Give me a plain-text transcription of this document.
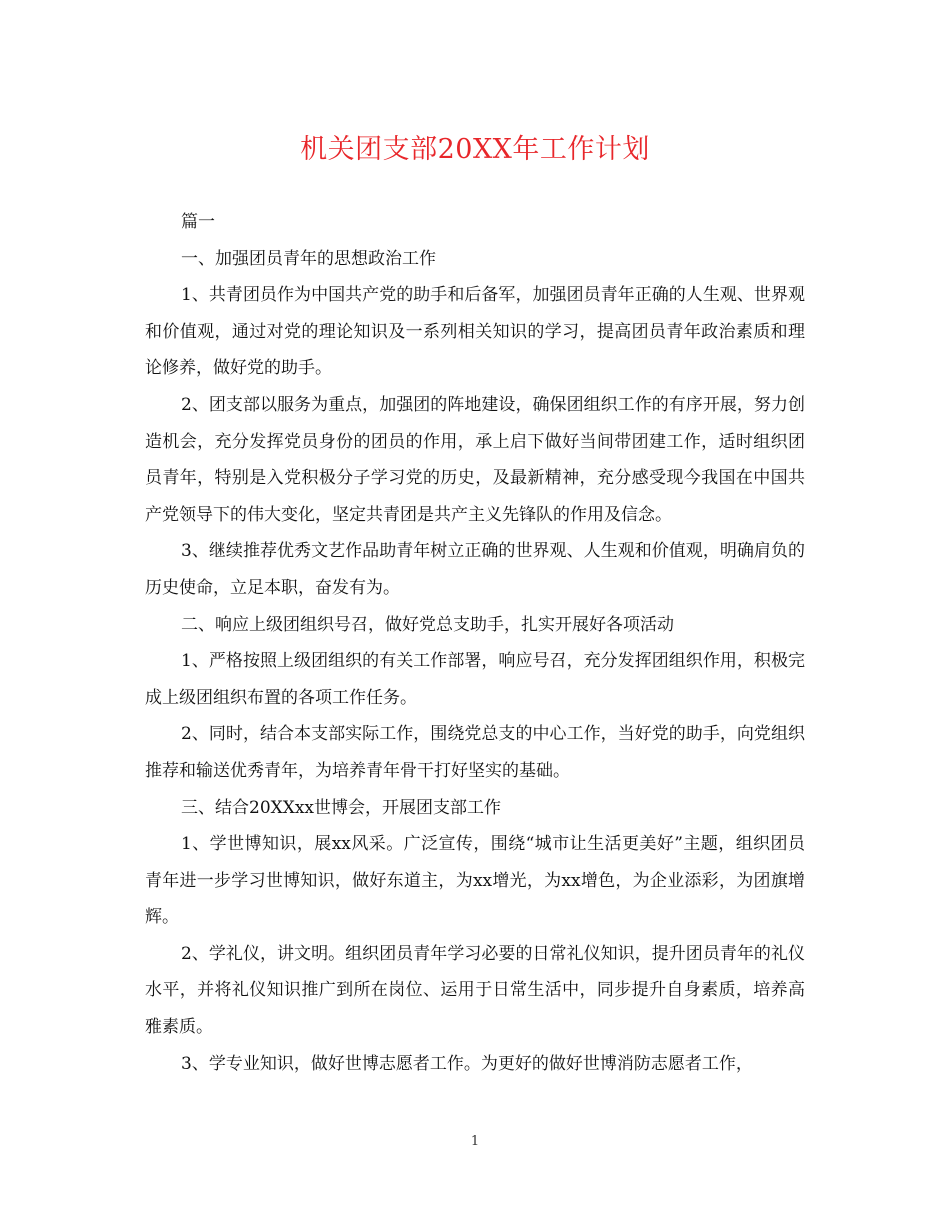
机关团支部20XX年工作计划

篇一

一、加强团员青年的思想政治工作

1、共青团员作为中国共产党的助手和后备军，加强团员青年正确的人生观、世界观和价值观，通过对党的理论知识及一系列相关知识的学习，提高团员青年政治素质和理论修养，做好党的助手。

2、团支部以服务为重点，加强团的阵地建设，确保团组织工作的有序开展，努力创造机会，充分发挥党员身份的团员的作用，承上启下做好当间带团建工作，适时组织团员青年，特别是入党积极分子学习党的历史，及最新精神，充分感受现今我国在中国共产党领导下的伟大变化，坚定共青团是共产主义先锋队的作用及信念。

3、继续推荐优秀文艺作品助青年树立正确的世界观、人生观和价值观，明确肩负的历史使命，立足本职，奋发有为。

二、响应上级团组织号召，做好党总支助手，扎实开展好各项活动

1、严格按照上级团组织的有关工作部署，响应号召，充分发挥团组织作用，积极完成上级团组织布置的各项工作任务。

2、同时，结合本支部实际工作，围绕党总支的中心工作，当好党的助手，向党组织推荐和输送优秀青年，为培养青年骨干打好坚实的基础。

三、结合20XXxx世博会，开展团支部工作

1、学世博知识，展xx风采。广泛宣传，围绕“城市让生活更美好”主题，组织团员青年进一步学习世博知识，做好东道主，为xx增光，为xx增色，为企业添彩，为团旗增辉。

2、学礼仪，讲文明。组织团员青年学习必要的日常礼仪知识，提升团员青年的礼仪水平，并将礼仪知识推广到所在岗位、运用于日常生活中，同步提升自身素质，培养高雅素质。

3、学专业知识，做好世博志愿者工作。为更好的做好世博消防志愿者工作，

1
